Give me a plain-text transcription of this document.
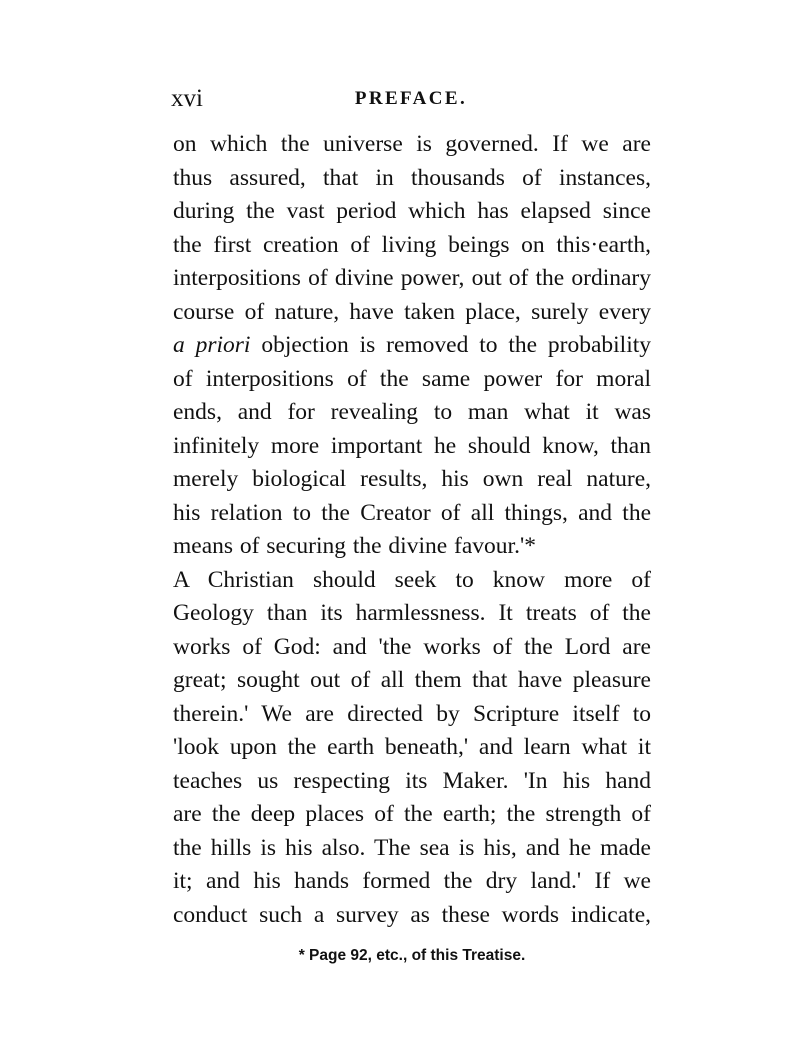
xvi	PREFACE.
on which the universe is governed. If we are
thus assured, that in thousands of instances,
during the vast period which has elapsed since
the first creation of living beings on this·earth,
interpositions of divine power, out of the ordinary
course of nature, have taken place, surely every
a priori objection is removed to the probability
of interpositions of the same power for moral
ends, and for revealing to man what it was
infinitely more important he should know, than
merely biological results, his own real nature,
his relation to the Creator of all things, and the
means of securing the divine favour.'*
A Christian should seek to know more of
Geology than its harmlessness. It treats of the
works of God: and 'the works of the Lord are
great; sought out of all them that have pleasure
therein.' We are directed by Scripture itself to
'look upon the earth beneath,' and learn what it
teaches us respecting its Maker. 'In his hand
are the deep places of the earth; the strength of
the hills is his also. The sea is his, and he made
it; and his hands formed the dry land.' If we
conduct such a survey as these words indicate,
* Page 92, etc., of this Treatise.
